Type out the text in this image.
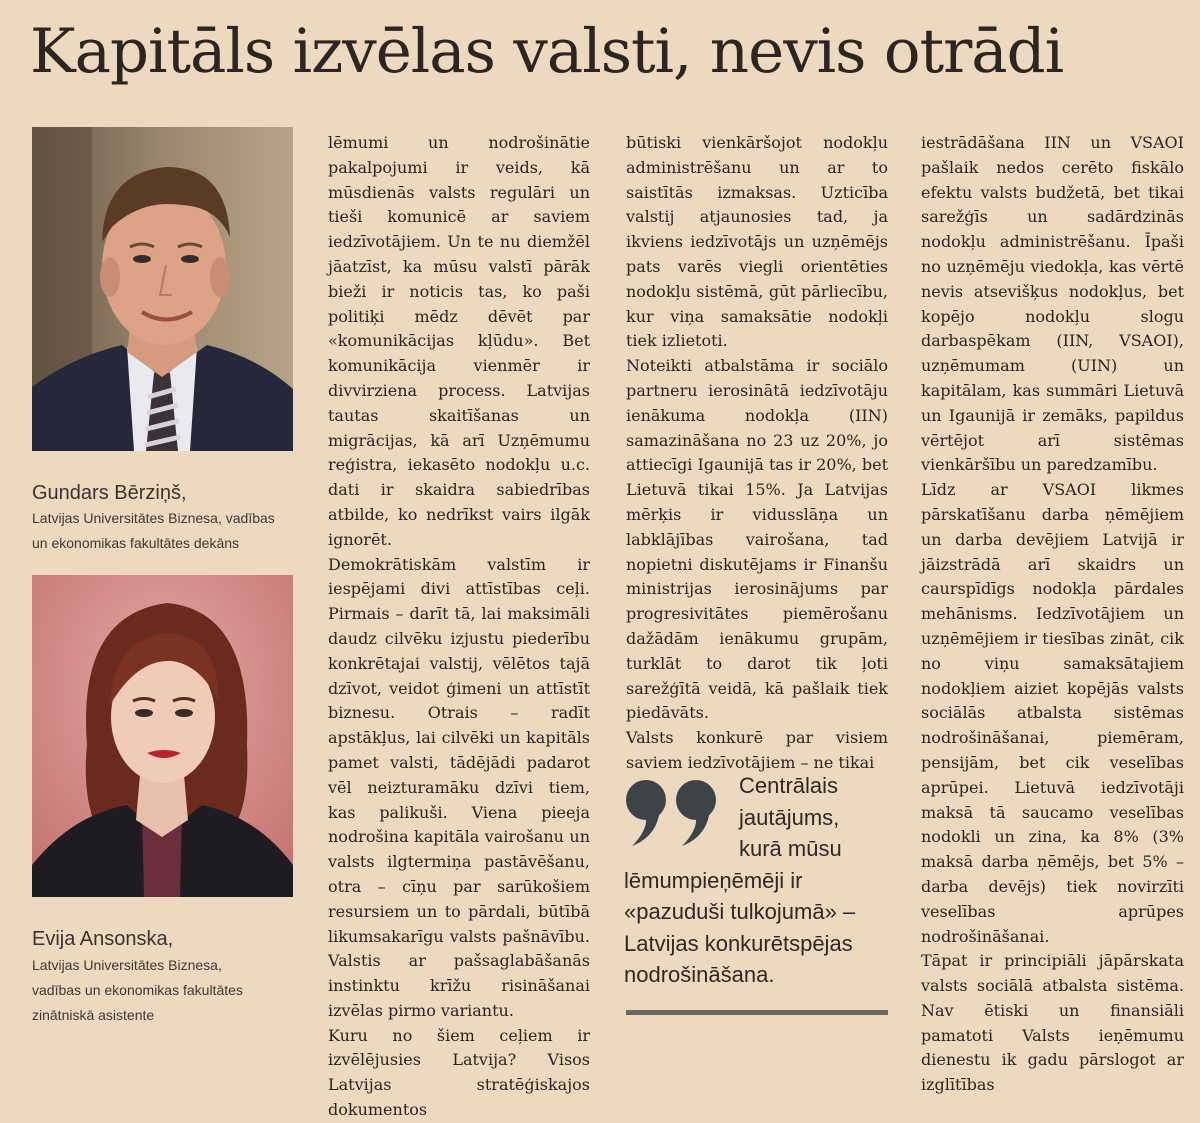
Kapitāls izvēlas valsti, nevis otrādi
Gundars Bērziņš,
Latvijas Universitātes Biznesa, vadības
un ekonomikas fakultātes dekāns
Evija Ansonska,
Latvijas Universitātes Biznesa,
vadības un ekonomikas fakultātes
zinātniskā asistente

lēmumi un nodrošinātie pakalpojumi ir veids, kā mūsdienās valsts regulāri un tieši komunicē ar saviem iedzīvotājiem. Un te nu diemžēl jāatzīst, ka mūsu valstī pārāk bieži ir noticis tas, ko paši politiķi mēdz dēvēt par «komunikācijas kļūdu». Bet komunikācija vienmēr ir divvirziena process. Latvijas tautas skaitīšanas un migrācijas, kā arī Uzņēmumu reģistra, iekasēto nodokļu u.c. dati ir skaidra sabiedrības atbilde, ko nedrīkst vairs ilgāk ignorēt.

Demokrātiskām valstīm ir iespējami divi attīstības ceļi. Pirmais – darīt tā, lai maksimāli daudz cilvēku izjustu piederību konkrētajai valstij, vēlētos tajā dzīvot, veidot ģimeni un attīstīt biznesu. Otrais – radīt apstākļus, lai cilvēki un kapitāls pamet valsti, tādējādi padarot vēl neizturamāku dzīvi tiem, kas palikuši. Viena pieeja nodrošina kapitāla vairošanu un valsts ilgtermiņa pastāvēšanu, otra – cīņu par sarūkošiem resursiem un to pārdali, būtībā likumsakarīgu valsts pašnāvību. Valstis ar pašsaglabāšanās instinktu krīžu risināšanai izvēlas pirmo variantu.

Kuru no šiem ceļiem ir izvēlējusies Latvija? Visos Latvijas stratēģiskajos dokumentos

būtiski vienkāršojot nodokļu administrēšanu un ar to saistītās izmaksas. Uzticība valstij atjaunosies tad, ja ikviens iedzīvotājs un uzņēmējs pats varēs viegli orientēties nodokļu sistēmā, gūt pārliecību, kur viņa samaksātie nodokļi tiek izlietoti.

Noteikti atbalstāma ir sociālo partneru ierosinātā iedzīvotāju ienākuma nodokļa (IIN) samazināšana no 23 uz 20%, jo attiecīgi Igaunijā tas ir 20%, bet Lietuvā tikai 15%. Ja Latvijas mērķis ir vidusslāņa un labklājības vairošana, tad nopietni diskutējams ir Finanšu ministrijas ierosinājums par progresivitātes piemērošanu dažādām ienākumu grupām, turklāt to darot tik ļoti sarežģītā veidā, kā pašlaik tiek piedāvāts.

Valsts konkurē par visiem saviem iedzīvotājiem – ne tikai

Centrālais
jautājums,
kurā mūsu
lēmumpieņēmēji ir
«pazuduši tulkojumā» –
Latvijas konkurētspējas
nodrošināšana.

iestrādāšana IIN un VSAOI pašlaik nedos cerēto fiskālo efektu valsts budžetā, bet tikai sarežģīs un sadārdzinās nodokļu administrēšanu. Īpaši no uzņēmēju viedokļa, kas vērtē nevis atsevišķus nodokļus, bet kopējo nodokļu slogu darbaspēkam (IIN, VSAOI), uzņēmumam (UIN) un kapitālam, kas summāri Lietuvā un Igaunijā ir zemāks, papildus vērtējot arī sistēmas vienkāršību un paredzamību.

Līdz ar VSAOI likmes pārskatīšanu darba ņēmējiem un darba devējiem Latvijā ir jāizstrādā arī skaidrs un caurspīdīgs nodokļa pārdales mehānisms. Iedzīvotājiem un uzņēmējiem ir tiesības zināt, cik no viņu samaksātajiem nodokļiem aiziet kopējās valsts sociālās atbalsta sistēmas nodrošināšanai, piemēram, pensijām, bet cik veselības aprūpei. Lietuvā iedzīvotāji maksā tā saucamo veselības nodokli un zina, ka 8% (3% maksā darba ņēmējs, bet 5% – darba devējs) tiek novirzīti veselības aprūpes nodrošināšanai.

Tāpat ir principiāli jāpārskata valsts sociālā atbalsta sistēma. Nav ētiski un finansiāli pamatoti Valsts ieņēmumu dienestu ik gadu pārslogot ar izglītības
